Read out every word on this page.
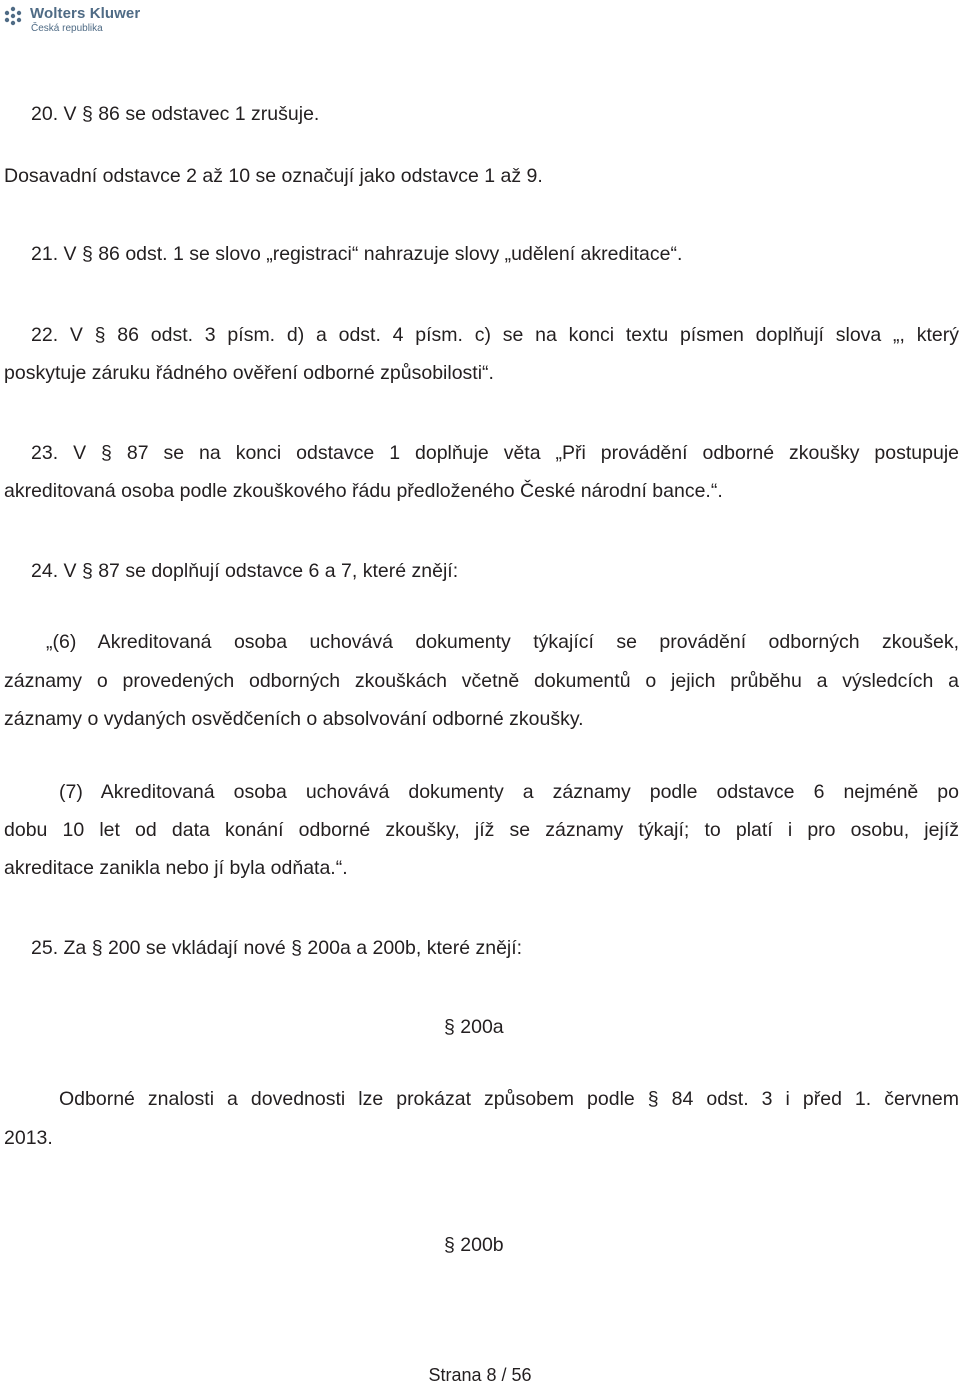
Wolters Kluwer
Česká republika
20. V § 86 se odstavec 1 zrušuje.
Dosavadní odstavce 2 až 10 se označují jako odstavce 1 až 9.
21. V § 86 odst. 1 se slovo „registraci“ nahrazuje slovy „udělení akreditace“.
22. V § 86 odst. 3 písm. d) a odst. 4 písm. c) se na konci textu písmen doplňují slova „, který
poskytuje záruku řádného ověření odborné způsobilosti“.
23. V § 87 se na konci odstavce 1 doplňuje věta „Při provádění odborné zkoušky postupuje
akreditovaná osoba podle zkouškového řádu předloženého České národní bance.“.
24. V § 87 se doplňují odstavce 6 a 7, které znějí:
„(6) Akreditovaná osoba uchovává dokumenty týkající se provádění odborných zkoušek,
záznamy o provedených odborných zkouškách včetně dokumentů o jejich průběhu a výsledcích a
záznamy o vydaných osvědčeních o absolvování odborné zkoušky.
(7) Akreditovaná osoba uchovává dokumenty a záznamy podle odstavce 6 nejméně po
dobu 10 let od data konání odborné zkoušky, jíž se záznamy týkají; to platí i pro osobu, jejíž
akreditace zanikla nebo jí byla odňata.“.
25. Za § 200 se vkládají nové § 200a a 200b, které znějí:
§ 200a
Odborné znalosti a dovednosti lze prokázat způsobem podle § 84 odst. 3 i před 1. červnem
2013.
§ 200b
Strana 8 / 56
